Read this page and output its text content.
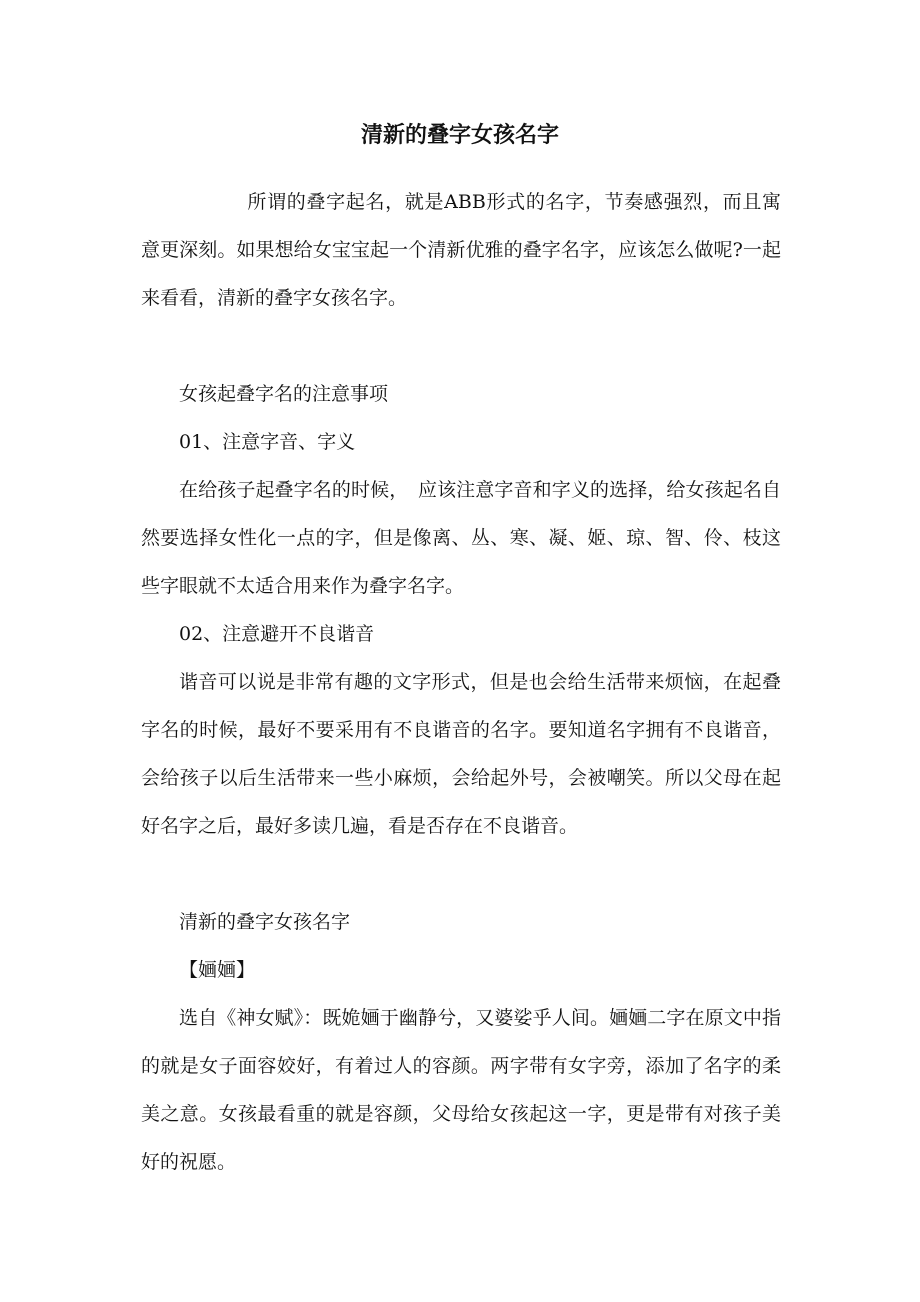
清新的叠字女孩名字

所谓的叠字起名，就是ABB形式的名字，节奏感强烈，而且寓意更深刻。如果想给女宝宝起一个清新优雅的叠字名字，应该怎么做呢?一起来看看，清新的叠字女孩名字。

女孩起叠字名的注意事项

01、注意字音、字义

在给孩子起叠字名的时候，　应该注意字音和字义的选择，给女孩起名自然要选择女性化一点的字，但是像离、丛、寒、凝、姬、琼、智、伶、枝这些字眼就不太适合用来作为叠字名字。

02、注意避开不良谐音

谐音可以说是非常有趣的文字形式，但是也会给生活带来烦恼，在起叠字名的时候，最好不要采用有不良谐音的名字。要知道名字拥有不良谐音，会给孩子以后生活带来一些小麻烦，会给起外号，会被嘲笑。所以父母在起好名字之后，最好多读几遍，看是否存在不良谐音。

清新的叠字女孩名字

【婳婳】

选自《神女赋》：既姽婳于幽静兮，又婆娑乎人间。婳婳二字在原文中指的就是女子面容姣好，有着过人的容颜。两字带有女字旁，添加了名字的柔美之意。女孩最看重的就是容颜，父母给女孩起这一字，更是带有对孩子美好的祝愿。
